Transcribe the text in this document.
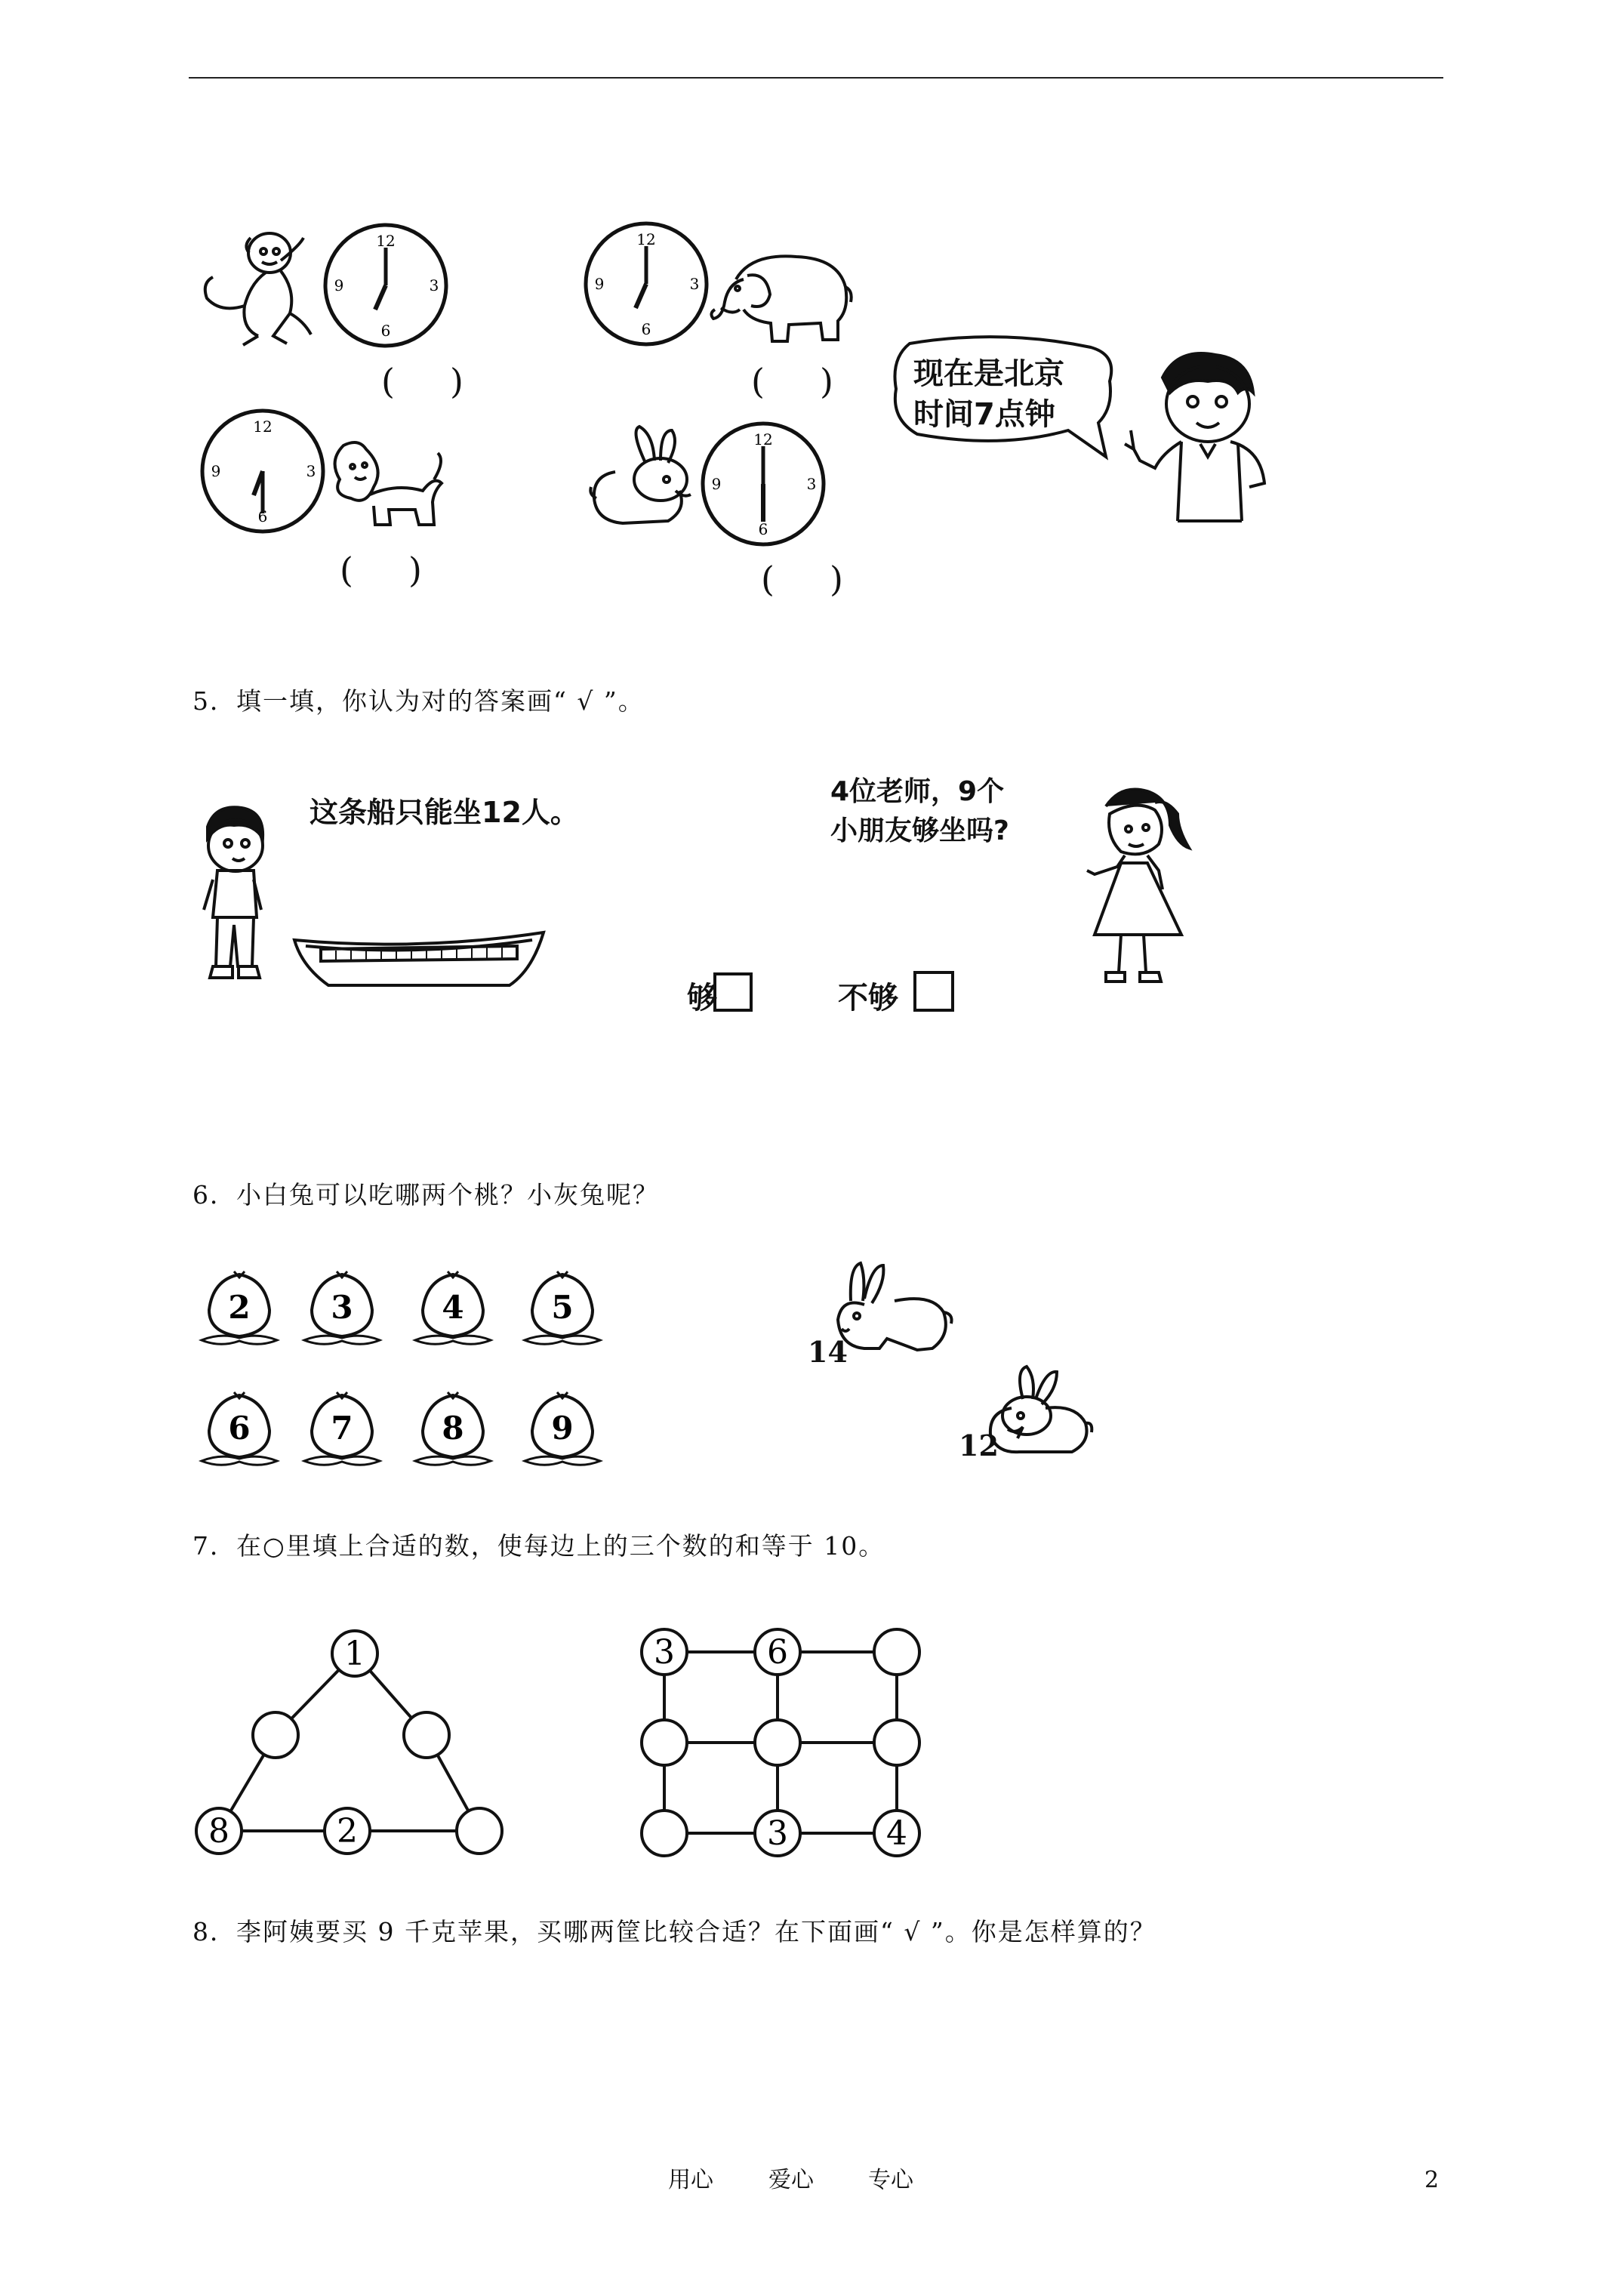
12
3
6
9
(     )
12
3
6
9
(     )	现在是北京
时间7点钟
12
3
6
9
(     )
12
3
6
9
(     )
5．填一填，你认为对的答案画“ √ ”。
这条船只能坐12人。
4位老师，9个
小朋友够坐吗?
够	不够
6．小白兔可以吃哪两个桃？小灰兔呢？
2	3	4	5
6	7	8	9
14
12
7．在○里填上合适的数，使每边上的三个数的和等于 10。
1
8	2
3	6
3	4
8．李阿姨要买 9 千克苹果，买哪两筐比较合适？在下面画“ √ ”。你是怎样算的？
用心 爱心 专心	2
